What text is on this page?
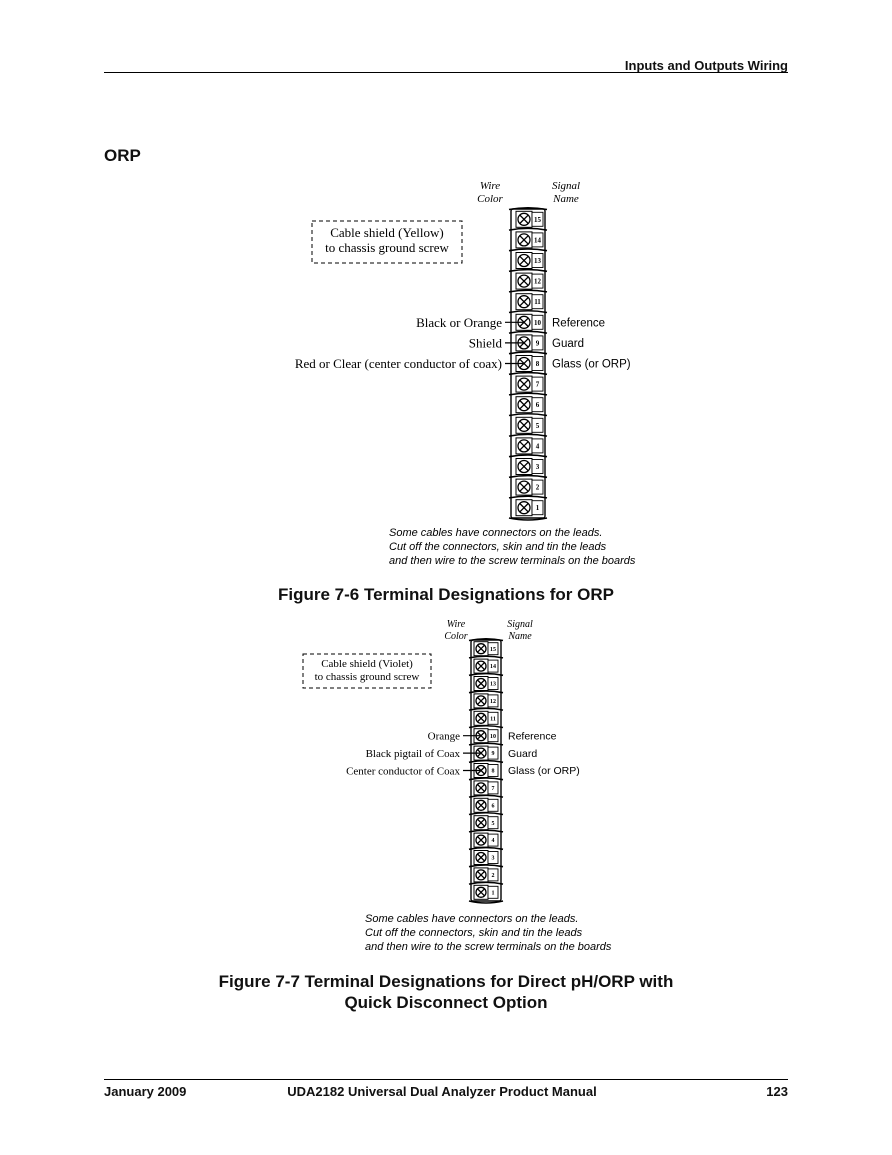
Inputs and Outputs Wiring
ORP
Wire
Color
Signal
Name
15
14
13
12
11
10
9
8
7
6
5
4
3
2
1
Black or Orange	Reference
Shield	Guard
Red or Clear (center conductor of coax)	Glass (or ORP)
Cable shield (Yellow)
to chassis ground screw
Some cables have connectors on the leads.
Cut off the connectors, skin and tin the leads
and then wire to the screw terminals on the boards
Figure 7-6 Terminal Designations for ORP
Wire
Color
Signal
Name
15
14
13
12
11
10
9
8
7
6
5
4
3
2
1
Orange	Reference
Black pigtail of Coax	Guard
Center conductor of Coax	Glass (or ORP)
Cable shield (Violet)
to chassis ground screw
Some cables have connectors on the leads.
Cut off the connectors, skin and tin the leads
and then wire to the screw terminals on the boards
Figure 7-7 Terminal Designations for Direct pH/ORP with
Quick Disconnect Option
January 2009	UDA2182 Universal Dual Analyzer Product Manual	123
